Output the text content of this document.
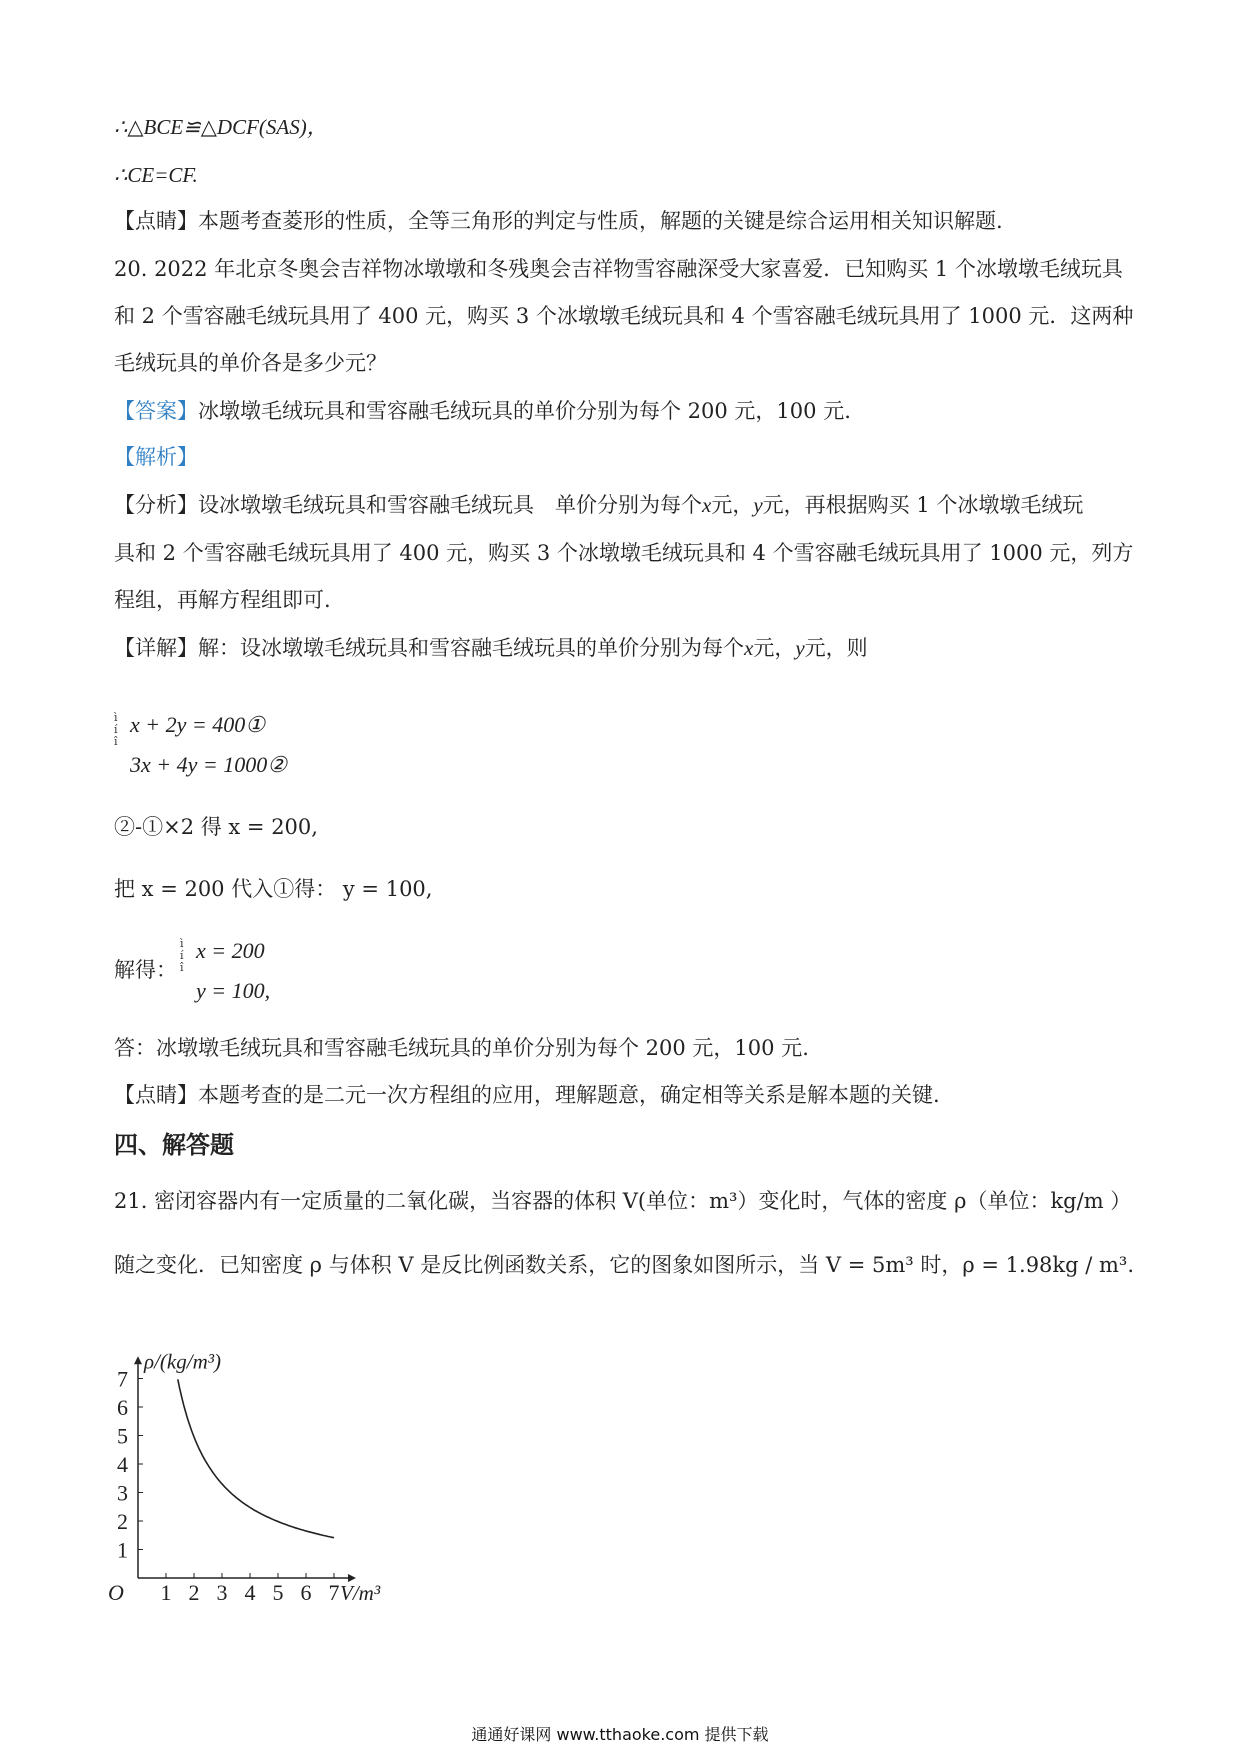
∴△BCE≌△DCF(SAS)，
∴CE=CF.
【点睛】本题考查菱形的性质，全等三角形的判定与性质，解题的关键是综合运用相关知识解题.
20. 2022 年北京冬奥会吉祥物冰墩墩和冬残奥会吉祥物雪容融深受大家喜爱．已知购买 1 个冰墩墩毛绒玩具
和 2 个雪容融毛绒玩具用了 400 元，购买 3 个冰墩墩毛绒玩具和 4 个雪容融毛绒玩具用了 1000 元．这两种
毛绒玩具的单价各是多少元？
【答案】冰墩墩毛绒玩具和雪容融毛绒玩具的单价分别为每个 200 元，100 元.
【解析】
【分析】设冰墩墩毛绒玩具和雪容融毛绒玩具　单价分别为每个x元，y元，再根据购买 1 个冰墩墩毛绒玩
具和 2 个雪容融毛绒玩具用了 400 元，购买 3 个冰墩墩毛绒玩具和 4 个雪容融毛绒玩具用了 1000 元，列方
程组，再解方程组即可.
【详解】解：设冰墩墩毛绒玩具和雪容融毛绒玩具的单价分别为每个x元，y元，则
ì
í
î
x + 2y = 400①
3x + 4y = 1000②
②-①×2 得 x = 200,
把 x = 200 代入①得： y = 100,
解得：
ì
í
î
x = 200
y = 100,
答：冰墩墩毛绒玩具和雪容融毛绒玩具的单价分别为每个 200 元，100 元.
【点睛】本题考查的是二元一次方程组的应用，理解题意，确定相等关系是解本题的关键.
四、解答题
21. 密闭容器内有一定质量的二氧化碳，当容器的体积 V(单位：m³）变化时，气体的密度 ρ（单位：kg/m ）
随之变化．已知密度 ρ 与体积 V 是反比例函数关系，它的图象如图所示，当 V = 5m³ 时，ρ = 1.98kg / m³.
1 2 3 4 5 6 7
1
2
3
4
5
6
7
O
ρ/(kg/m³)
V/m³
通通好课网 www.tthaoke.com 提供下载
